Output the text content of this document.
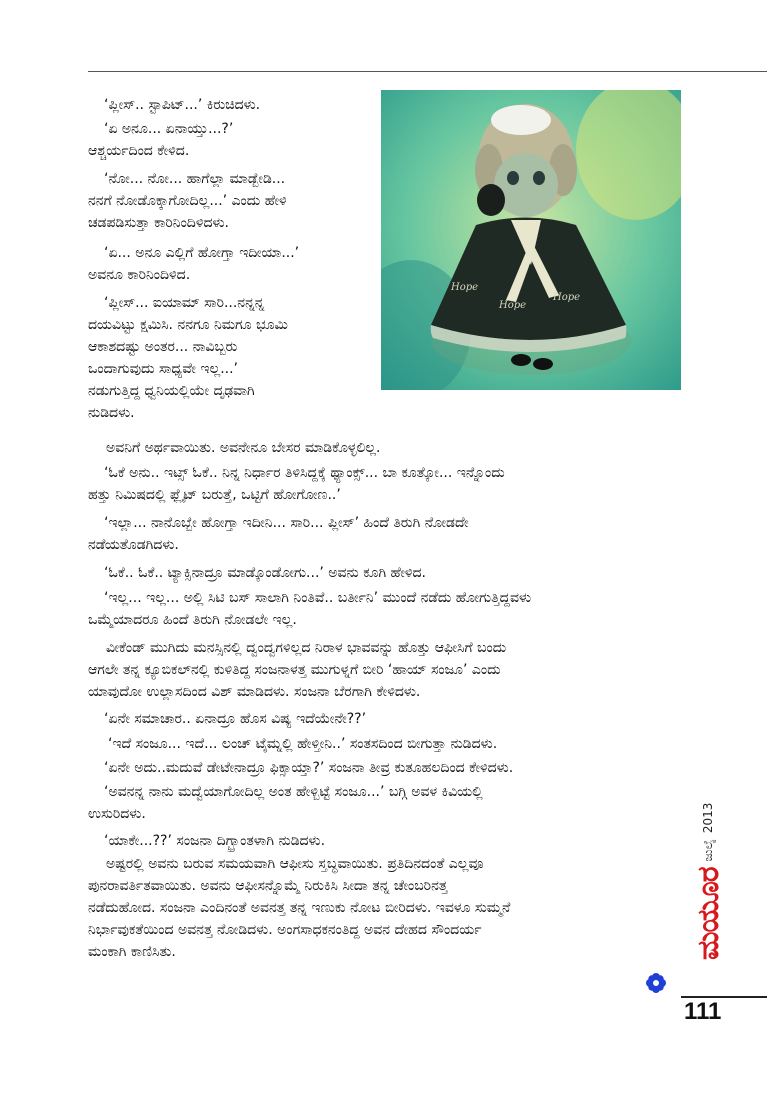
Hope
Hope
Hope

‘ಪ್ಲೀಸ್.. ಸ್ಟಾಪಿಟ್...’ ಕಿರುಚಿದಳು.

‘ಏ ಅನೂ... ಏನಾಯ್ತು...?’
ಆಶ್ಚರ್ಯದಿಂದ ಕೇಳಿದ.

‘ನೋ... ನೋ... ಹಾಗೆಲ್ಲಾ ಮಾಡ್ಬೇಡಿ...
ನನಗೆ ನೋಡೊಕ್ಕಾಗೋದಿಲ್ಲ...’ ಎಂದು ಹೇಳಿ
ಚಡಪಡಿಸುತ್ತಾ ಕಾರಿನಿಂದಿಳಿದಳು.

‘ಏ... ಅನೂ ಎಲ್ಲಿಗೆ ಹೋಗ್ತಾ ಇದೀಯಾ...’
ಅವನೂ ಕಾರಿನಿಂದಿಳಿದ.

‘ಪ್ಲೀಸ್... ಐಯಾಮ್ ಸಾರಿ...ನನ್ನನ್ನ
ದಯವಿಟ್ಟು ಕ್ಷಮಿಸಿ. ನನಗೂ ನಿಮಗೂ ಭೂಮಿ
ಆಕಾಶದಷ್ಟು ಅಂತರ... ನಾವಿಬ್ಬರು
ಒಂದಾಗುವುದು ಸಾಧ್ಯವೇ ಇಲ್ಲ...’
ನಡುಗುತ್ತಿದ್ದ ಧ್ವನಿಯಲ್ಲಿಯೇ ದೃಢವಾಗಿ
ನುಡಿದಳು.

ಅವನಿಗೆ ಅರ್ಥವಾಯಿತು. ಅವನೇನೂ ಬೇಸರ ಮಾಡಿಕೊಳ್ಳಲಿಲ್ಲ.

‘ಓಕೆ ಅನು.. ಇಟ್ಸ್ ಓಕೆ.. ನಿನ್ನ ನಿರ್ಧಾರ ತಿಳಿಸಿದ್ದಕ್ಕೆ ಥ್ಯಾಂಕ್ಸ್... ಬಾ ಕೂತ್ಕೋ... ಇನ್ನೊಂದು
ಹತ್ತು ನಿಮಿಷದಲ್ಲಿ ಫ್ಲೈಟ್ ಬರುತ್ತೆ, ಒಟ್ಟಿಗೆ ಹೋಗೋಣ..’

‘ಇಲ್ಲಾ... ನಾನೊಬ್ಬೇ ಹೋಗ್ತಾ ಇದೀನಿ... ಸಾರಿ... ಪ್ಲೀಸ್’ ಹಿಂದೆ ತಿರುಗಿ ನೋಡದೇ
ನಡೆಯತೊಡಗಿದಳು.

‘ಓಕೆ.. ಓಕೆ.. ಟ್ಯಾಕ್ಸಿನಾದ್ರೂ ಮಾಡ್ಕೊಂಡೋಗು...’ ಅವನು ಕೂಗಿ ಹೇಳಿದ.

‘ಇಲ್ಲ... ಇಲ್ಲ... ಅಲ್ಲಿ ಸಿಟಿ ಬಸ್ ಸಾಲಾಗಿ ನಿಂತಿವೆ.. ಬರ್ತೀನಿ’ ಮುಂದೆ ನಡೆದು ಹೋಗುತ್ತಿದ್ದವಳು
ಒಮ್ಮೆಯಾದರೂ ಹಿಂದೆ ತಿರುಗಿ ನೋಡಲೇ ಇಲ್ಲ.

ವೀಕೆಂಡ್ ಮುಗಿದು ಮನಸ್ಸಿನಲ್ಲಿ ದ್ವಂದ್ವಗಳಿಲ್ಲದ ನಿರಾಳ ಭಾವವನ್ನು ಹೊತ್ತು ಆಫೀಸಿಗೆ ಬಂದು
ಆಗಲೇ ತನ್ನ ಕ್ಯೂಬಿಕಲ್‌ನಲ್ಲಿ ಕುಳಿತಿದ್ದ ಸಂಜನಾಳತ್ತ ಮುಗುಳ್ನಗೆ ಬೀರಿ ‘ಹಾಯ್ ಸಂಜೂ’ ಎಂದು
ಯಾವುದೋ ಉಲ್ಲಾಸದಿಂದ ವಿಶ್ ಮಾಡಿದಳು. ಸಂಜನಾ ಬೆರಗಾಗಿ ಕೇಳಿದಳು.

‘ಏನೇ ಸಮಾಚಾರ.. ಏನಾದ್ರೂ ಹೊಸ ವಿಷ್ಯ ಇದೆಯೇನೇ??’

‘ಇದೆ ಸಂಜೂ... ಇದೆ... ಲಂಚ್ ಟೈಮ್ನಲ್ಲಿ ಹೇಳ್ತೀನಿ..’ ಸಂತಸದಿಂದ ಬೀಗುತ್ತಾ ನುಡಿದಳು.

‘ಏನೇ ಅದು..ಮದುವೆ ಡೇಟೇನಾದ್ರೂ ಫಿಕ್ಸಾಯ್ತಾ?’ ಸಂಜನಾ ತೀವ್ರ ಕುತೂಹಲದಿಂದ ಕೇಳಿದಳು.

‘ಅವನನ್ನ ನಾನು ಮದ್ವೆಯಾಗೋದಿಲ್ಲ ಅಂತ ಹೇಳ್ಬಿಟ್ಟೆ ಸಂಜೂ...’ ಬಗ್ಗಿ ಅವಳ ಕಿವಿಯಲ್ಲಿ
ಉಸುರಿದಳು.

‘ಯಾಕೇ...??’ ಸಂಜನಾ ದಿಗ್ಭ್ರಾಂತಳಾಗಿ ನುಡಿದಳು.

ಅಷ್ಟರಲ್ಲಿ ಅವನು ಬರುವ ಸಮಯವಾಗಿ ಆಫೀಸು ಸ್ತಬ್ಧವಾಯಿತು. ಪ್ರತಿದಿನದಂತೆ ಎಲ್ಲವೂ
ಪುನರಾವರ್ತಿತವಾಯಿತು. ಅವನು ಆಫೀಸನ್ನೊಮ್ಮೆ ನಿರುಕಿಸಿ ಸೀದಾ ತನ್ನ ಚೇಂಬರಿನತ್ತ
ನಡೆದುಹೋದ. ಸಂಜನಾ ಎಂದಿನಂತೆ ಅವನತ್ತ ತನ್ನ ಇಣುಕು ನೋಟ ಬೀರಿದಳು. ಇವಳೂ ಸುಮ್ಮನೆ
ನಿರ್ಭಾವುಕತೆಯಿಂದ ಅವನತ್ತ ನೋಡಿದಳು. ಅಂಗಸಾಧಕನಂತಿದ್ದ ಅವನ ದೇಹದ ಸೌಂದರ್ಯ
ಮಂಕಾಗಿ ಕಾಣಿಸಿತು.	ಮಯೂರ
ಜುಲೈ
2013
111
